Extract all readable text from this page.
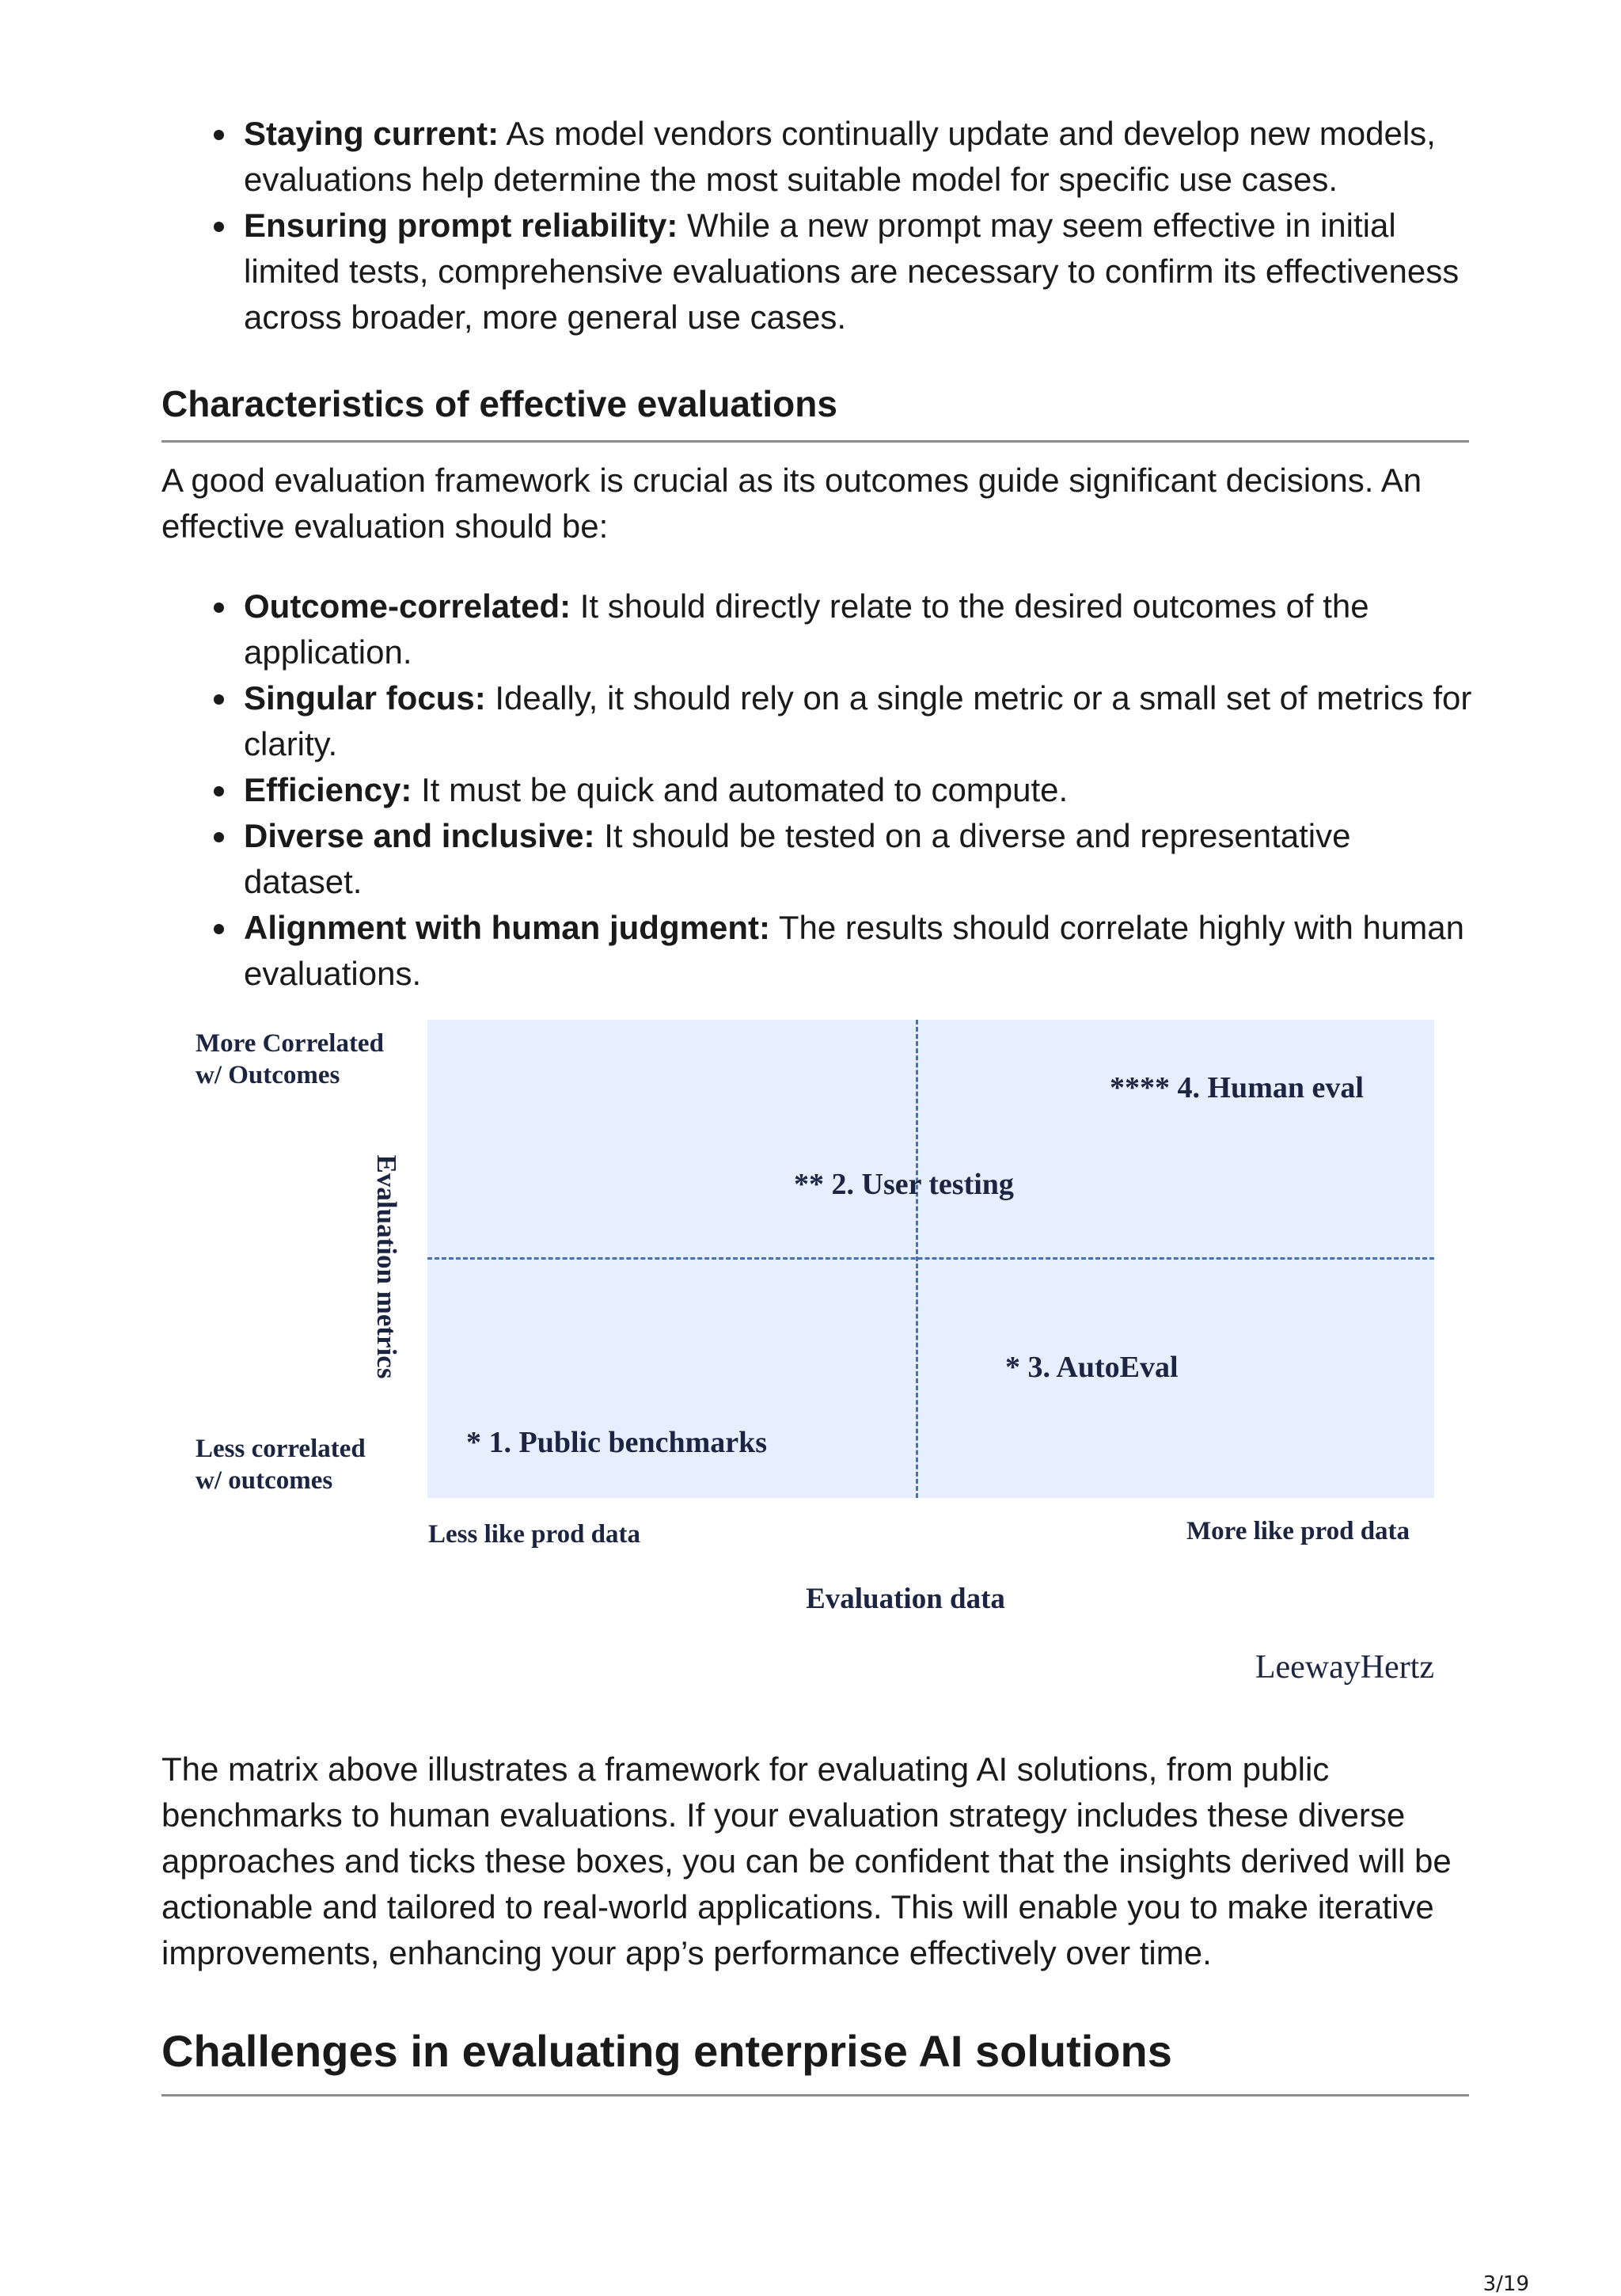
Staying current: As model vendors continually update and develop new models, evaluations help determine the most suitable model for specific use cases.
Ensuring prompt reliability: While a new prompt may seem effective in initial limited tests, comprehensive evaluations are necessary to confirm its effectiveness across broader, more general use cases.
Characteristics of effective evaluations

A good evaluation framework is crucial as its outcomes guide significant decisions. An effective evaluation should be:

Outcome-correlated: It should directly relate to the desired outcomes of the application.
Singular focus: Ideally, it should rely on a single metric or a small set of metrics for clarity.
Efficiency: It must be quick and automated to compute.
Diverse and inclusive: It should be tested on a diverse and representative dataset.
Alignment with human judgment: The results should correlate highly with human evaluations.
More Correlated w/ Outcomes
Less correlated w/ outcomes
Evaluation metrics
**** 4. Human eval
** 2. User testing
* 3. AutoEval
* 1. Public benchmarks
Less like prod data	More like prod data
Evaluation data
LeewayHertz

The matrix above illustrates a framework for evaluating AI solutions, from public benchmarks to human evaluations. If your evaluation strategy includes these diverse approaches and ticks these boxes, you can be confident that the insights derived will be actionable and tailored to real-world applications. This will enable you to make iterative improvements, enhancing your app’s performance effectively over time.

Challenges in evaluating enterprise AI solutions
3/19
